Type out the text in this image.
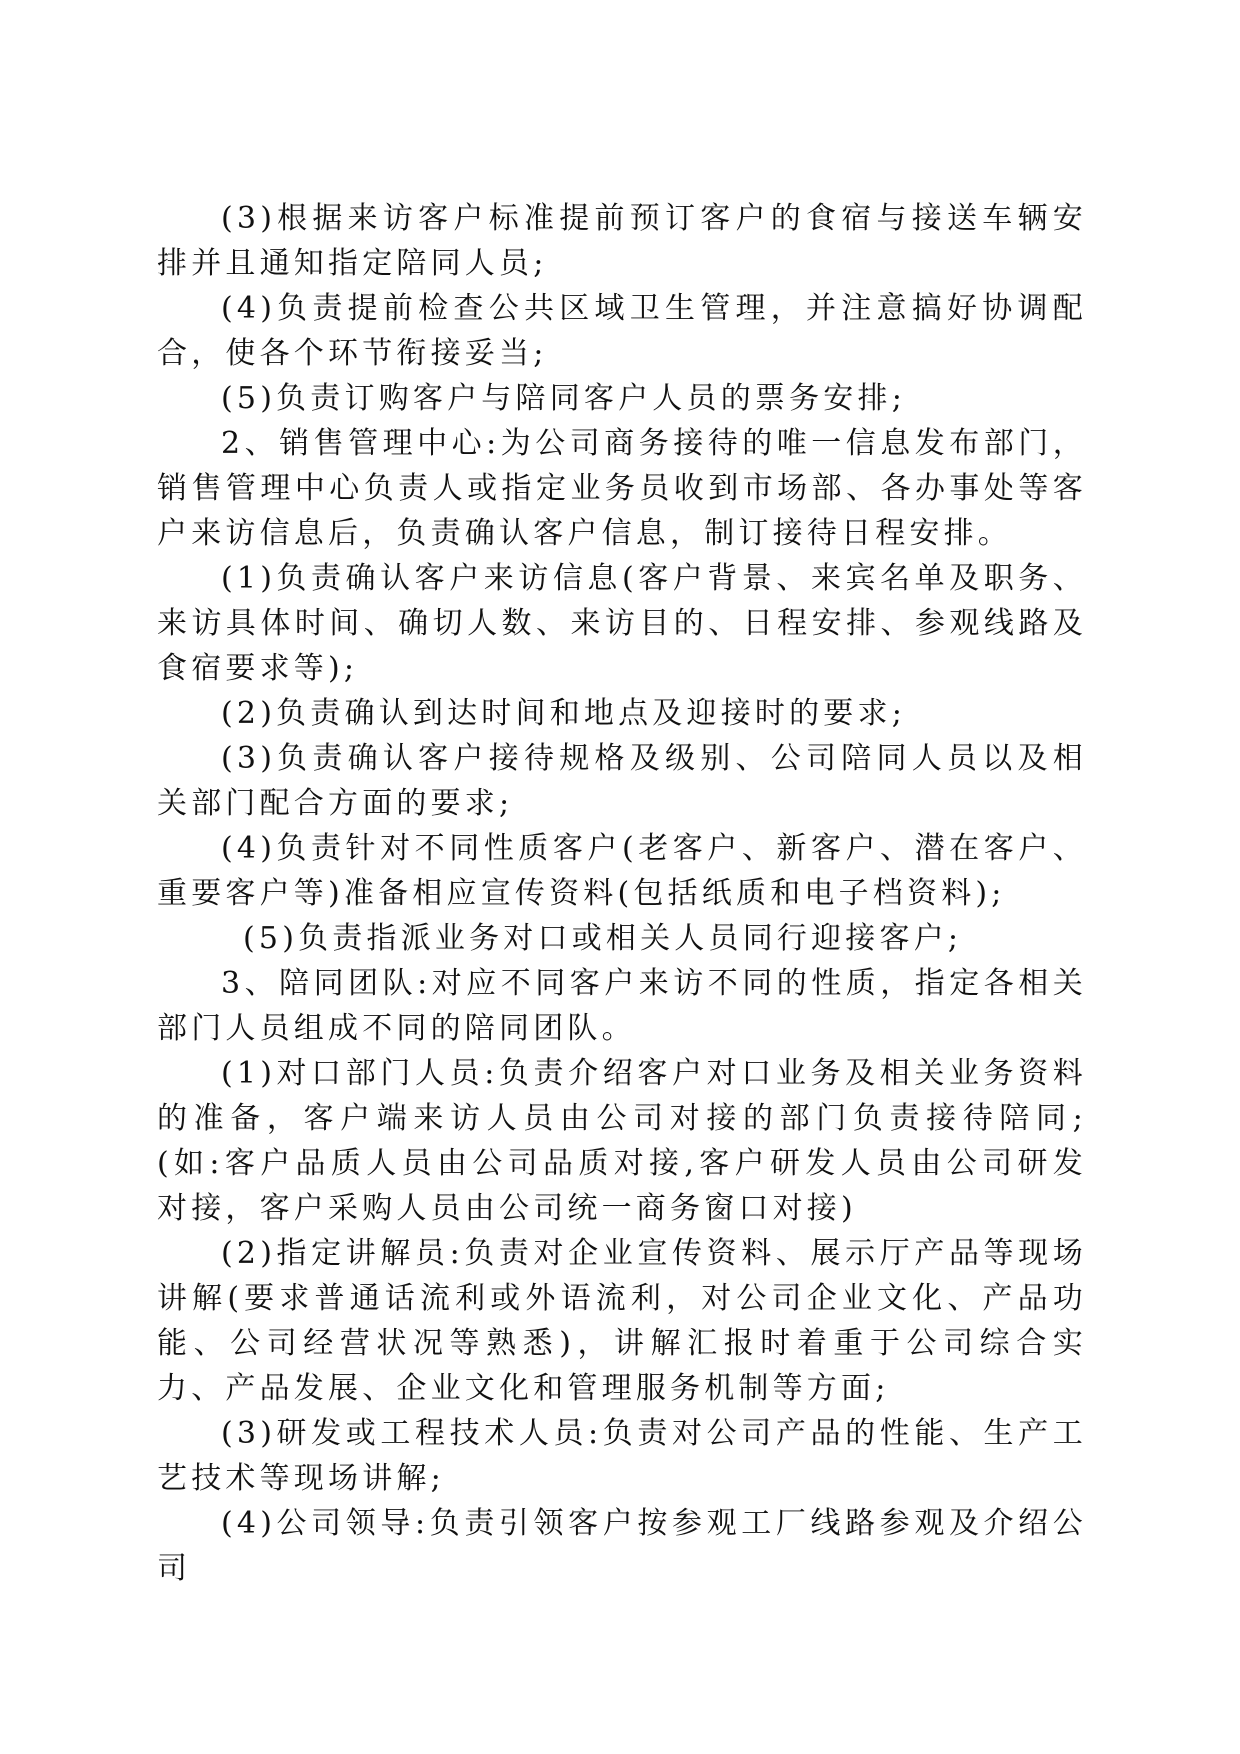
(3)根据来访客户标准提前预订客户的食宿与接送车辆安排并且通知指定陪同人员;

(4)负责提前检查公共区域卫生管理，并注意搞好协调配合，使各个环节衔接妥当;

(5)负责订购客户与陪同客户人员的票务安排;

2、销售管理中心:为公司商务接待的唯一信息发布部门，销售管理中心负责人或指定业务员收到市场部、各办事处等客户来访信息后，负责确认客户信息，制订接待日程安排。

(1)负责确认客户来访信息(客户背景、来宾名单及职务、来访具体时间、确切人数、来访目的、日程安排、参观线路及食宿要求等);

(2)负责确认到达时间和地点及迎接时的要求;

(3)负责确认客户接待规格及级别、公司陪同人员以及相关部门配合方面的要求;

(4)负责针对不同性质客户(老客户、新客户、潜在客户、重要客户等)准备相应宣传资料(包括纸质和电子档资料);

(5)负责指派业务对口或相关人员同行迎接客户;

3、陪同团队:对应不同客户来访不同的性质，指定各相关部门人员组成不同的陪同团队。

(1)对口部门人员:负责介绍客户对口业务及相关业务资料的准备，客户端来访人员由公司对接的部门负责接待陪同;(如:客户品质人员由公司品质对接,客户研发人员由公司研发对接，客户采购人员由公司统一商务窗口对接)

(2)指定讲解员:负责对企业宣传资料、展示厅产品等现场讲解(要求普通话流利或外语流利，对公司企业文化、产品功能、公司经营状况等熟悉)，讲解汇报时着重于公司综合实力、产品发展、企业文化和管理服务机制等方面;

(3)研发或工程技术人员:负责对公司产品的性能、生产工艺技术等现场讲解;

(4)公司领导:负责引领客户按参观工厂线路参观及介绍公司
